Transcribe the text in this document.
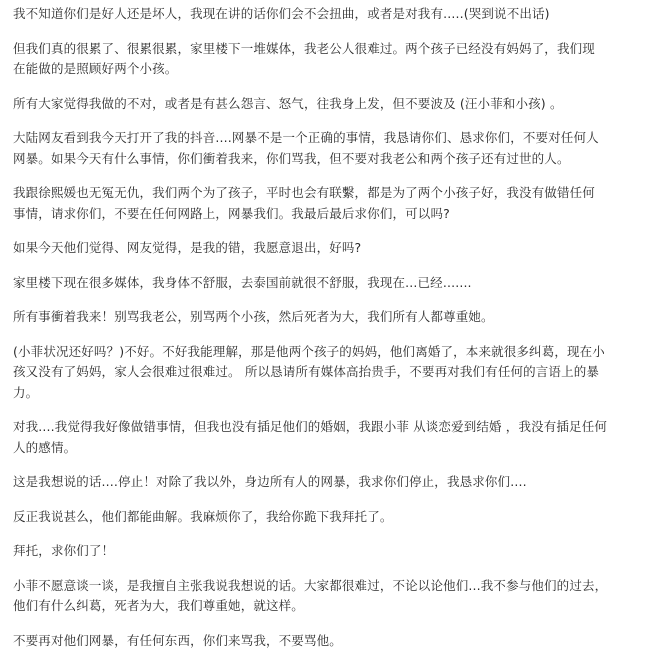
我不知道你们是好人还是坏人，我现在讲的话你们会不会扭曲，或者是对我有.....(哭到说不出话)

但我们真的很累了、很累很累，家里楼下一堆媒体，我老公人很难过。两个孩子已经没有妈妈了，我们现
在能做的是照顾好两个小孩。

所有大家觉得我做的不对，或者是有甚么怨言、怒气，往我身上发，但不要波及 (汪小菲和小孩) 。

大陆网友看到我今天打开了我的抖音....网暴不是一个正确的事情，我恳请你们、恳求你们，不要对任何人
网暴。如果今天有什么事情，你们衝着我来，你们骂我，但不要对我老公和两个孩子还有过世的人。

我跟徐熙媛也无冤无仇，我们两个为了孩子，平时也会有联繫，都是为了两个小孩子好，我没有做错任何
事情，请求你们，不要在任何网路上，网暴我们。我最后最后求你们，可以吗?

如果今天他们觉得、网友觉得，是我的错，我愿意退出，好吗?

家里楼下现在很多媒体，我身体不舒服，去泰国前就很不舒服，我现在...已经.......

所有事衝着我来！别骂我老公，别骂两个小孩，然后死者为大，我们所有人都尊重她。

(小菲状况还好吗？)不好。不好我能理解，那是他两个孩子的妈妈，他们离婚了，本来就很多纠葛，现在小
孩又没有了妈妈，家人会很难过很难过。 所以恳请所有媒体高抬贵手，不要再对我们有任何的言语上的暴
力。

对我....我觉得我好像做错事情，但我也没有插足他们的婚姻，我跟小菲 从谈恋爱到结婚 ，我没有插足任何
人的感情。

这是我想说的话....停止！对除了我以外，身边所有人的网暴，我求你们停止，我恳求你们....

反正我说甚么，他们都能曲解。我麻烦你了，我给你跪下我拜托了。

拜托，求你们了！

小菲不愿意谈一谈，是我擅自主张我说我想说的话。大家都很难过，不论以论他们...我不参与他们的过去，
他们有什么纠葛，死者为大，我们尊重她，就这样。

不要再对他们网暴，有任何东西，你们来骂我，不要骂他。
